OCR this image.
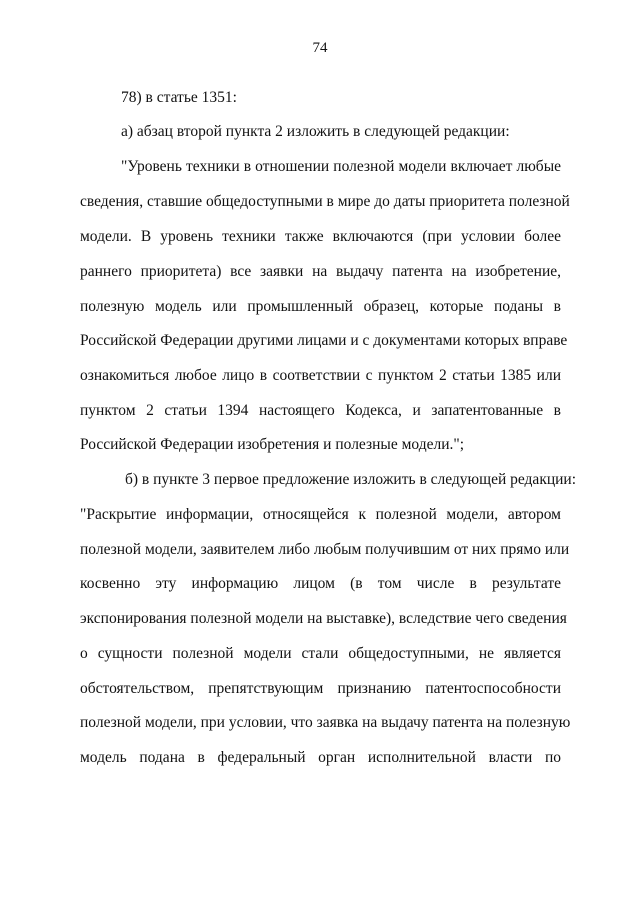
74
78) в статье 1351:
а) абзац второй пункта 2 изложить в следующей редакции:
"Уровень техники в отношении полезной модели включает любые
сведения, ставшие общедоступными в мире до даты приоритета полезной
модели. В уровень техники также включаются (при условии более
раннего приоритета) все заявки на выдачу патента на изобретение,
полезную модель или промышленный образец, которые поданы в
Российской Федерации другими лицами и с документами которых вправе
ознакомиться любое лицо в соответствии с пунктом 2 статьи 1385 или
пунктом 2 статьи 1394 настоящего Кодекса, и запатентованные в
Российской Федерации изобретения и полезные модели.";
б) в пункте 3 первое предложение изложить в следующей редакции:
"Раскрытие информации, относящейся к полезной модели, автором
полезной модели, заявителем либо любым получившим от них прямо или
косвенно эту информацию лицом (в том числе в результате
экспонирования полезной модели на выставке), вследствие чего сведения
о сущности полезной модели стали общедоступными, не является
обстоятельством, препятствующим признанию патентоспособности
полезной модели, при условии, что заявка на выдачу патента на полезную
модель подана в федеральный орган исполнительной власти по
